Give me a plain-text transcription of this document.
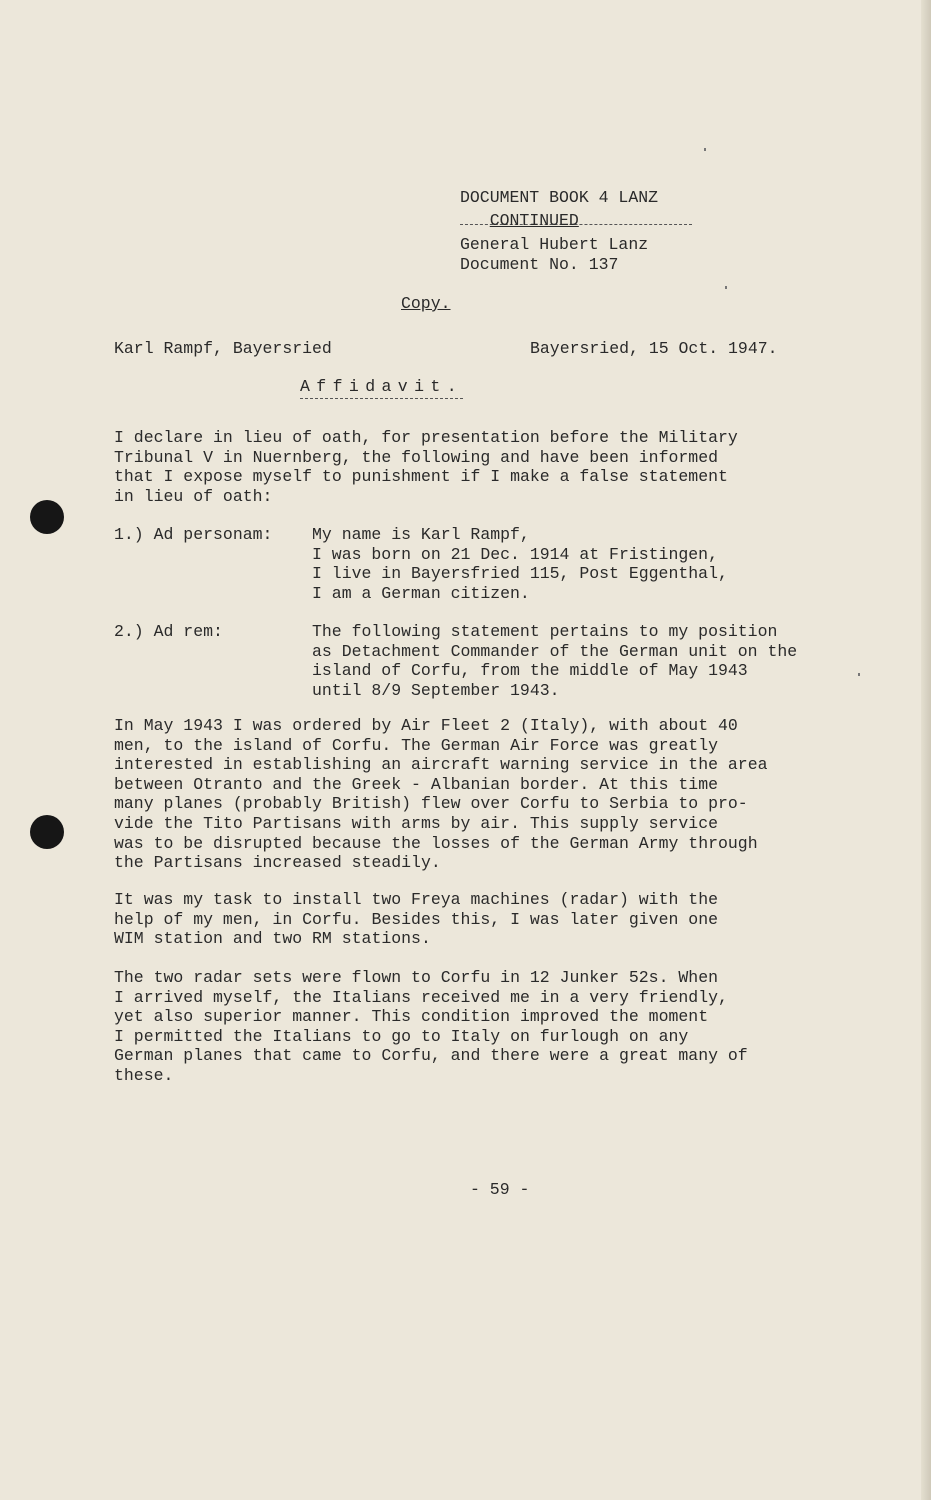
DOCUMENT BOOK 4 LANZ
CONTINUED
General Hubert Lanz
Document No. 137
Copy.
Karl Rampf, Bayersried	Bayersried, 15 Oct. 1947.
Affidavit.
I declare in lieu of oath, for presentation before the Military
Tribunal V in Nuernberg, the following and have been informed
that I expose myself to punishment if I make a false statement
in lieu of oath:
1.) Ad personam: My name is Karl Rampf,
I was born on 21 Dec. 1914 at Fristingen,
I live in Bayersfried 115, Post Eggenthal,
I am a German citizen.
2.) Ad rem:	The following statement pertains to my position
as Detachment Commander of the German unit on the
island of Corfu, from the middle of May 1943
until 8/9 September 1943.
In May 1943 I was ordered by Air Fleet 2 (Italy), with about 40
men, to the island of Corfu. The German Air Force was greatly
interested in establishing an aircraft warning service in the area
between Otranto and the Greek - Albanian border. At this time
many planes (probably British) flew over Corfu to Serbia to pro-
vide the Tito Partisans with arms by air. This supply service
was to be disrupted because the losses of the German Army through
the Partisans increased steadily.
It was my task to install two Freya machines (radar) with the
help of my men, in Corfu. Besides this, I was later given one
WIM station and two RM stations.
The two radar sets were flown to Corfu in 12 Junker 52s. When
I arrived myself, the Italians received me in a very friendly,
yet also superior manner. This condition improved the moment
I permitted the Italians to go to Italy on furlough on any
German planes that came to Corfu, and there were a great many of
these.
- 59 -
